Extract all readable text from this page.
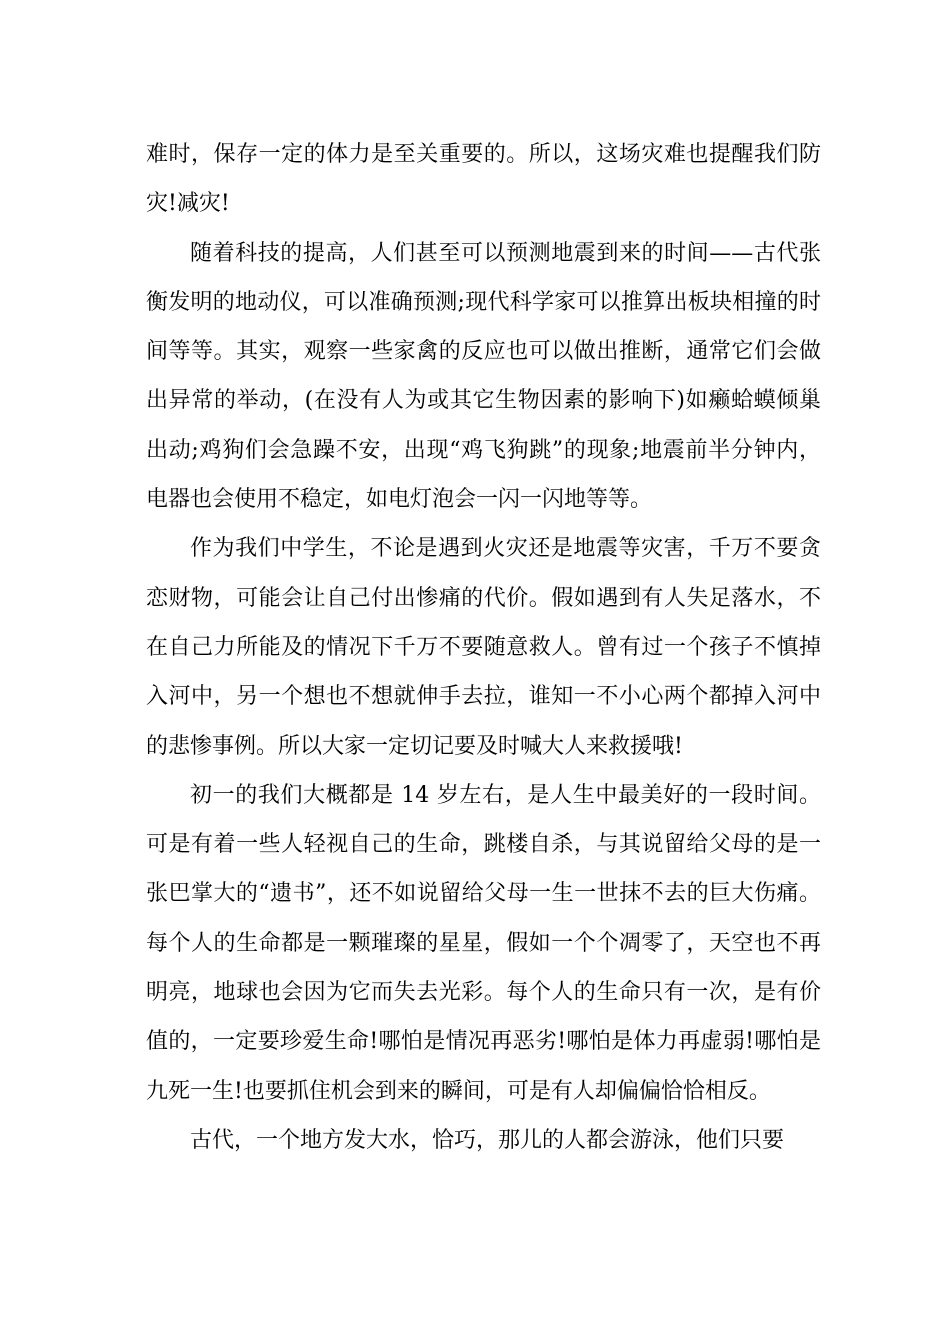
难时，保存一定的体力是至关重要的。所以，这场灾难也提醒我们防灾!减灾!

随着科技的提高，人们甚至可以预测地震到来的时间——古代张衡发明的地动仪，可以准确预测;现代科学家可以推算出板块相撞的时间等等。其实，观察一些家禽的反应也可以做出推断，通常它们会做出异常的举动，(在没有人为或其它生物因素的影响下)如癞蛤蟆倾巢出动;鸡狗们会急躁不安，出现“鸡飞狗跳”的现象;地震前半分钟内，电器也会使用不稳定，如电灯泡会一闪一闪地等等。

作为我们中学生，不论是遇到火灾还是地震等灾害，千万不要贪恋财物，可能会让自己付出惨痛的代价。假如遇到有人失足落水，不在自己力所能及的情况下千万不要随意救人。曾有过一个孩子不慎掉入河中，另一个想也不想就伸手去拉，谁知一不小心两个都掉入河中的悲惨事例。所以大家一定切记要及时喊大人来救援哦!

初一的我们大概都是 14 岁左右，是人生中最美好的一段时间。可是有着一些人轻视自己的生命，跳楼自杀，与其说留给父母的是一张巴掌大的“遗书”，还不如说留给父母一生一世抹不去的巨大伤痛。每个人的生命都是一颗璀璨的星星，假如一个个凋零了，天空也不再明亮，地球也会因为它而失去光彩。每个人的生命只有一次，是有价值的，一定要珍爱生命!哪怕是情况再恶劣!哪怕是体力再虚弱!哪怕是九死一生!也要抓住机会到来的瞬间，可是有人却偏偏恰恰相反。

古代，一个地方发大水，恰巧，那儿的人都会游泳，他们只要
